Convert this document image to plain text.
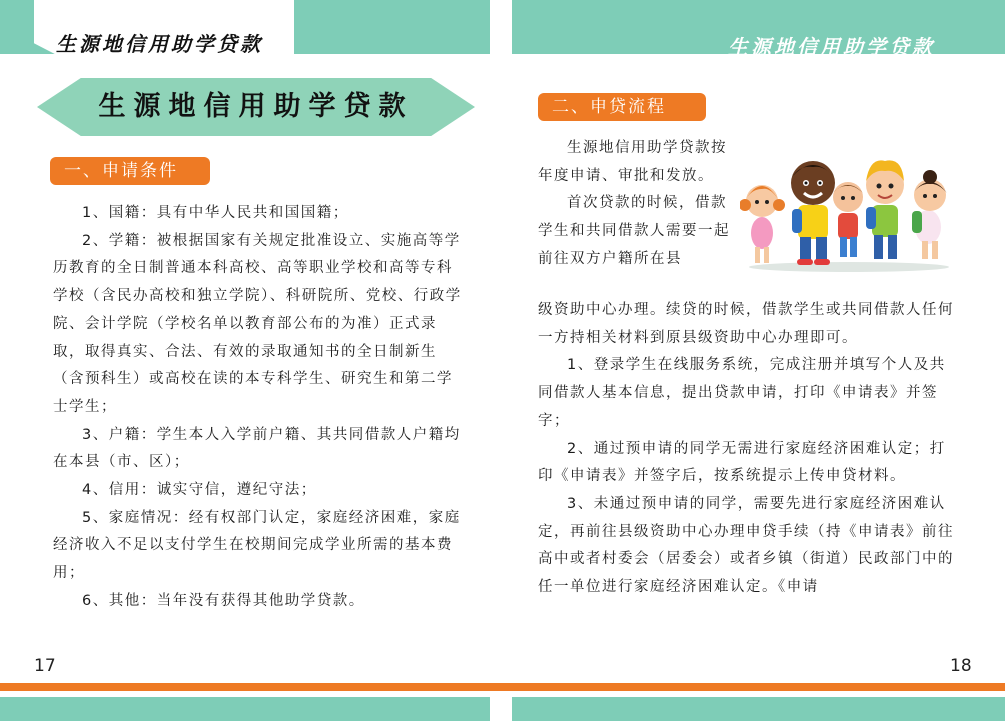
生源地信用助学贷款	生源地信用助学贷款
生源地信用助学贷款
一、申请条件

1、国籍：具有中华人民共和国国籍；

2、学籍：被根据国家有关规定批准设立、实施高等学历教育的全日制普通本科高校、高等职业学校和高等专科学校（含民办高校和独立学院）、科研院所、党校、行政学院、会计学院（学校名单以教育部公布的为准）正式录取，取得真实、合法、有效的录取通知书的全日制新生（含预科生）或高校在读的本专科学生、研究生和第二学士学生；

3、户籍：学生本人入学前户籍、其共同借款人户籍均在本县（市、区）；

4、信用：诚实守信，遵纪守法；

5、家庭情况：经有权部门认定，家庭经济困难，家庭经济收入不足以支付学生在校期间完成学业所需的基本费用；

6、其他：当年没有获得其他助学贷款。

17
二、申贷流程

生源地信用助学贷款按年度申请、审批和发放。

首次贷款的时候，借款学生和共同借款人需要一起前往双方户籍所在县

级资助中心办理。续贷的时候，借款学生或共同借款人任何一方持相关材料到原县级资助中心办理即可。

1、登录学生在线服务系统，完成注册并填写个人及共同借款人基本信息，提出贷款申请，打印《申请表》并签字；

2、通过预申请的同学无需进行家庭经济困难认定；打印《申请表》并签字后，按系统提示上传申贷材料。

3、未通过预申请的同学，需要先进行家庭经济困难认定，再前往县级资助中心办理申贷手续（持《申请表》前往高中或者村委会（居委会）或者乡镇（街道）民政部门中的任一单位进行家庭经济困难认定。《申请

18
